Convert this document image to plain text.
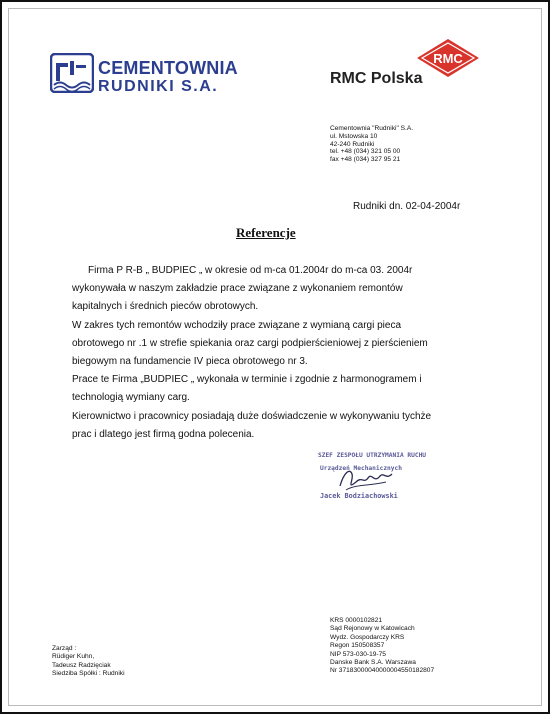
CEMENTOWNIA
RUDNIKI S.A.
RMC
RMC Polska
Cementownia "Rudniki" S.A.
ul. Mstowska 10
42-240 Rudniki
tel. +48 (034) 321 05 00
fax +48 (034) 327 95 21
Rudniki dn. 02-04-2004r
Referencje
Firma P R-B „ BUDPIEC „ w okresie od m-ca 01.2004r do m-ca 03. 2004r
wykonywała w naszym zakładzie prace związane z wykonaniem remontów
kapitalnych i średnich pieców obrotowych.
W zakres tych remontów wchodziły prace związane z wymianą cargi pieca
obrotowego nr .1 w strefie spiekania oraz cargi podpierścieniowej z pierścieniem
biegowym na fundamencie IV pieca obrotowego nr 3.
Prace te Firma „BUDPIEC „ wykonała w terminie i zgodnie z harmonogramem i
technologią wymiany carg.
Kierownictwo i pracownicy posiadają duże doświadczenie w wykonywaniu tychże
prac i dlatego jest firmą godna polecenia.
SZEF ZESPOŁU UTRZYMANIA RUCHU
Urządzeń Mechanicznych
Jacek Bodziachowski
Zarząd :
Rüdiger Kuhn,
Tadeusz Radzięciak
Siedziba Spółki : Rudniki
KRS 0000102821
Sąd Rejonowy w Katowicach
Wydz. Gospodarczy KRS
Regon 150508357
NIP 573-030-19-75
Danske Bank S.A. Warszawa
Nr 37183000040000004550182807
